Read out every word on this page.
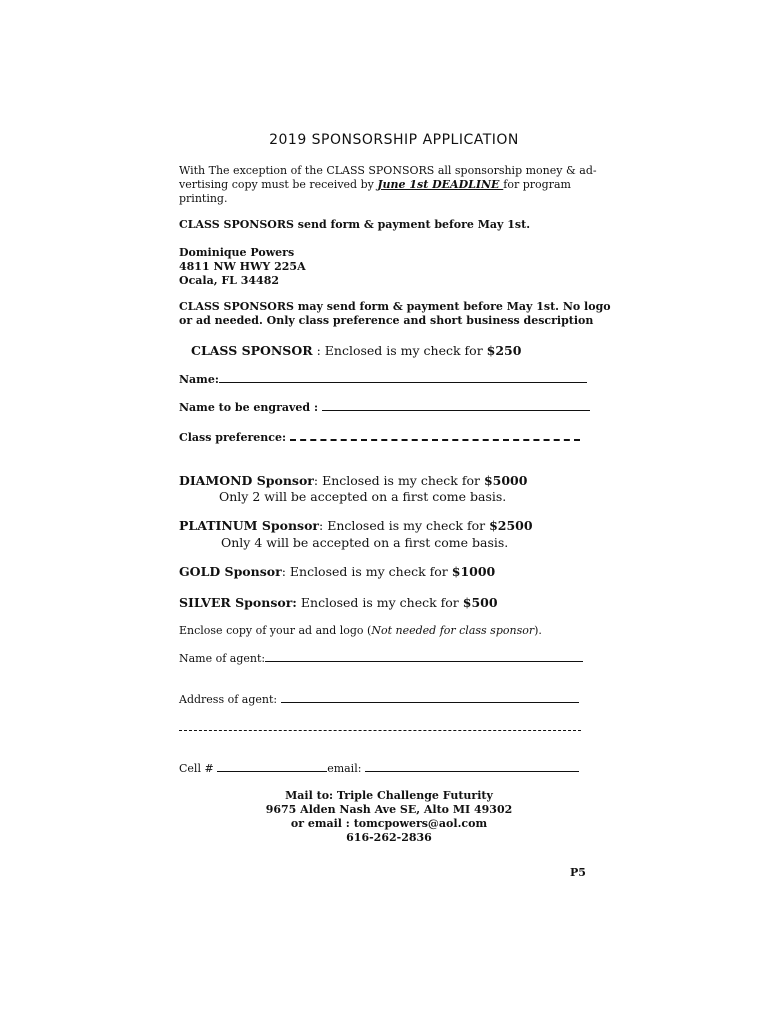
2019 SPONSORSHIP APPLICATION
With The exception of the CLASS SPONSORS all sponsorship money & ad-
vertising copy must be received by June 1st DEADLINE for program
printing.
CLASS SPONSORS send form & payment before May 1st.
Dominique Powers
4811 NW HWY 225A
Ocala, FL 34482
CLASS SPONSORS may send form & payment before May 1st. No logo
or ad needed. Only class preference and short business description
CLASS SPONSOR : Enclosed is my check for $250
Name:
Name to be engraved :
Class preference:
DIAMOND Sponsor: Enclosed is my check for $5000
Only 2 will be accepted on a first come basis.
PLATINUM Sponsor: Enclosed is my check for $2500
Only 4 will be accepted on a first come basis.
GOLD Sponsor: Enclosed is my check for $1000
SILVER Sponsor: Enclosed is my check for $500
Enclose copy of your ad and logo (Not needed for class sponsor).
Name of agent:
Address of agent:
Cell #	email:
Mail to: Triple Challenge Futurity
9675 Alden Nash Ave SE, Alto MI 49302
or email : tomcpowers@aol.com
616-262-2836
P5
